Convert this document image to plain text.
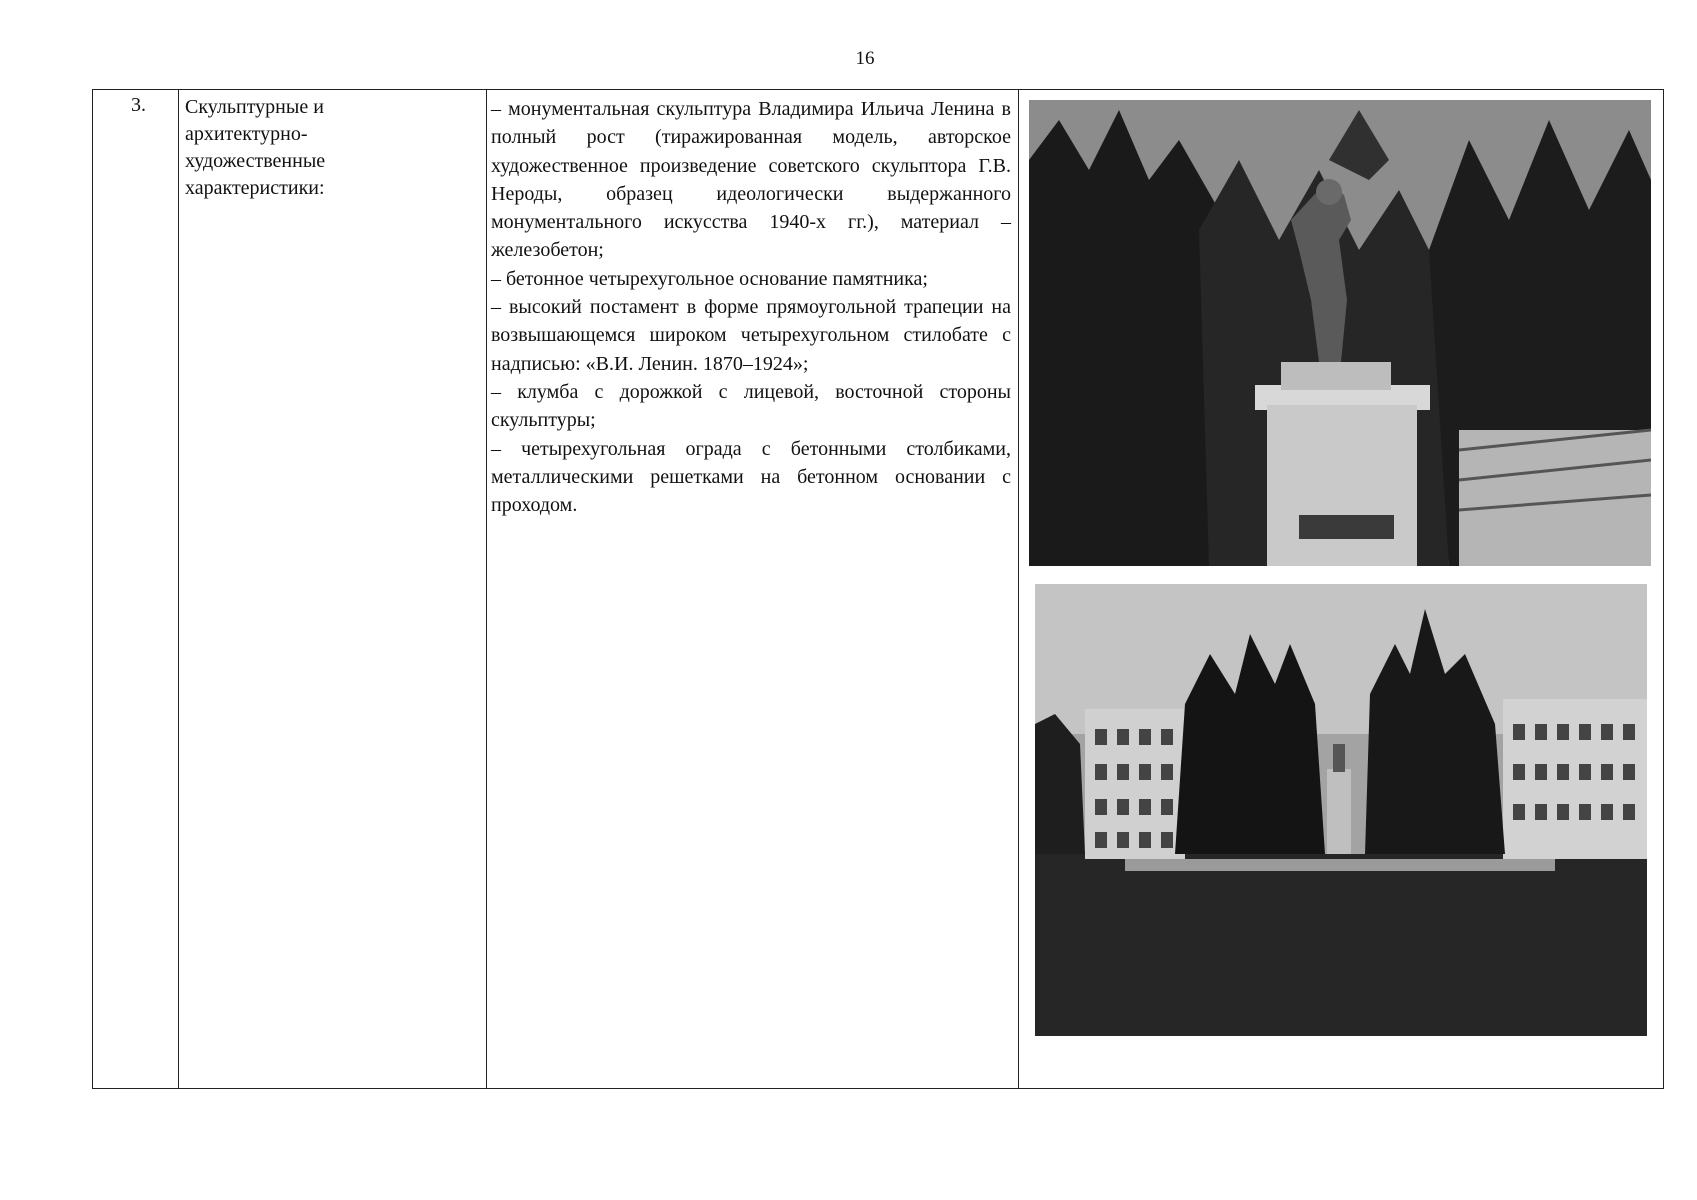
16
3. Скульптурные и
архитектурно-
художественные
характеристики:

– монументальная скульптура Владимира Ильича Ленина в полный рост (тиражированная модель, авторское художественное произведение советского скульптора Г.В. Нероды, образец идеологически выдержанного монументального искусства 1940-х гг.), материал – железобетон;

– бетонное четырехугольное основание памятника;

– высокий постамент в форме прямоугольной трапеции на возвышающемся широком четырехугольном стилобате с надписью: «В.И. Ленин. 1870–1924»;

– клумба с дорожкой с лицевой, восточной стороны скульптуры;

– четырехугольная ограда с бетонными столбиками, металлическими решетками на бетонном основании с проходом.
